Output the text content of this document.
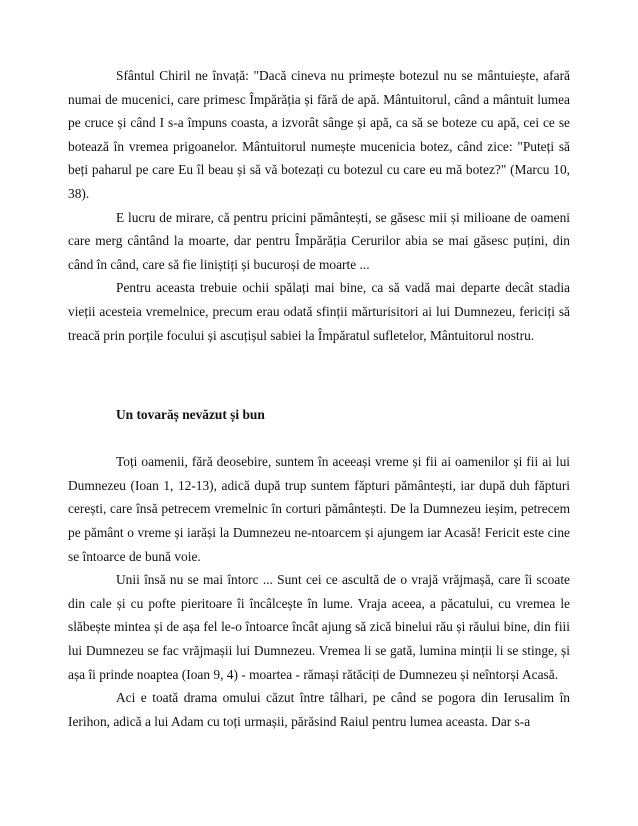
Sfântul Chiril ne învață: "Dacă cineva nu primește botezul nu se mântuiește, afară numai de mucenici, care primesc Împărăția și fără de apă. Mântuitorul, când a mântuit lumea pe cruce și când I s-a împuns coasta, a izvorât sânge și apă, ca să se boteze cu apă, cei ce se botează în vremea prigoanelor. Mântuitorul numește mucenicia botez, când zice: "Puteți să beți paharul pe care Eu îl beau și să vă botezați cu botezul cu care eu mă botez?" (Marcu 10, 38).

E lucru de mirare, că pentru pricini pământești, se găsesc mii și milioane de oameni care merg cântând la moarte, dar pentru Împărăția Cerurilor abia se mai găsesc puțini, din când în când, care să fie liniștiți și bucuroși de moarte ...

Pentru aceasta trebuie ochii spălați mai bine, ca să vadă mai departe decât stadia vieții acesteia vremelnice, precum erau odată sfinții mărturisitori ai lui Dumnezeu, fericiți să treacă prin porțile focului și ascuțișul sabiei la Împăratul sufletelor, Mântuitorul nostru.

Un tovarăș nevăzut și bun

Toți oamenii, fără deosebire, suntem în aceeași vreme și fii ai oamenilor și fii ai lui Dumnezeu (Ioan 1, 12-13), adică după trup suntem făpturi pământești, iar după duh făpturi cerești, care însă petrecem vremelnic în corturi pământești. De la Dumnezeu ieșim, petrecem pe pământ o vreme și iarăși la Dumnezeu ne-ntoarcem și ajungem iar Acasă! Fericit este cine se întoarce de bună voie.

Unii însă nu se mai întorc ... Sunt cei ce ascultă de o vrajă vrăjmașă, care îi scoate din cale și cu pofte pieritoare îi încâlcește în lume. Vraja aceea, a păcatului, cu vremea le slăbește mintea și de așa fel le-o întoarce încât ajung să zică binelui rău și răului bine, din fiii lui Dumnezeu se fac vrăjmașii lui Dumnezeu. Vremea li se gată, lumina minții li se stinge, și așa îi prinde noaptea (Ioan 9, 4) - moartea - rămași rătăciți de Dumnezeu și neîntorși Acasă.

Aci e toată drama omului căzut între tâlhari, pe când se pogora din Ierusalim în Ierihon, adică a lui Adam cu toți urmașii, părăsind Raiul pentru lumea aceasta. Dar s-a
